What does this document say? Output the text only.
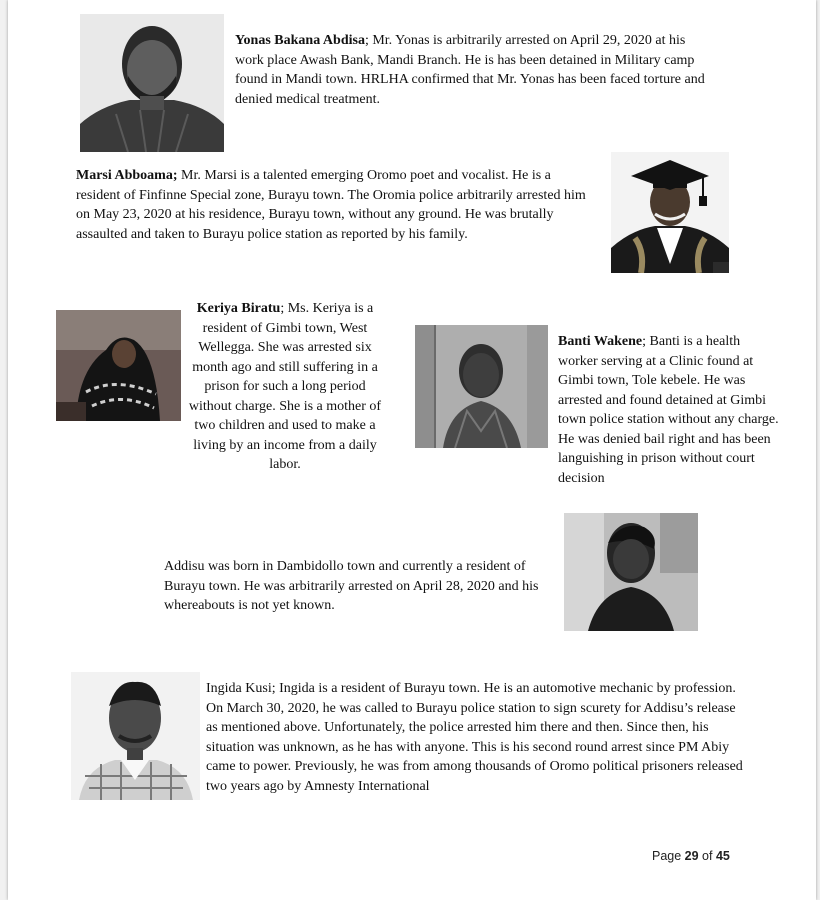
Yonas Bakana Abdisa; Mr. Yonas is arbitrarily arrested on April 29, 2020 at his work place Awash Bank, Mandi Branch. He is has been detained in Military camp found in Mandi town. HRLHA confirmed that Mr. Yonas has been faced torture and denied medical treatment.
Marsi Abboama; Mr. Marsi is a talented emerging Oromo poet and vocalist. He is a resident of Finfinne Special zone, Burayu town. The Oromia police arbitrarily arrested him on May 23, 2020 at his residence, Burayu town, without any ground. He was brutally assaulted and taken to Burayu police station as reported by his family.
Keriya Biratu; Ms. Keriya is a resident of Gimbi town, West Wellegga. She was arrested six month ago and still suffering in a prison for such a long period without charge. She is a mother of two children and used to make a living by an income from a daily labor.
Banti Wakene; Banti is a health worker serving at a Clinic found at Gimbi town, Tole kebele. He was arrested and found detained at Gimbi town police station without any charge. He was denied bail right and has been languishing in prison without court decision
Addisu was born in Dambidollo town and currently a resident of Burayu town. He was arbitrarily arrested on April 28, 2020 and his whereabouts is not yet known.
Ingida Kusi; Ingida is a resident of Burayu town. He is an automotive mechanic by profession. On March 30, 2020, he was called to Burayu police station to sign scurety for Addisu’s release as mentioned above. Unfortunately, the police arrested him there and then. Since then, his situation was unknown, as he has with anyone. This is his second round arrest since PM Abiy came to power. Previously, he was from among thousands of Oromo political prisoners released two years ago by Amnesty International
Page 29 of 45
